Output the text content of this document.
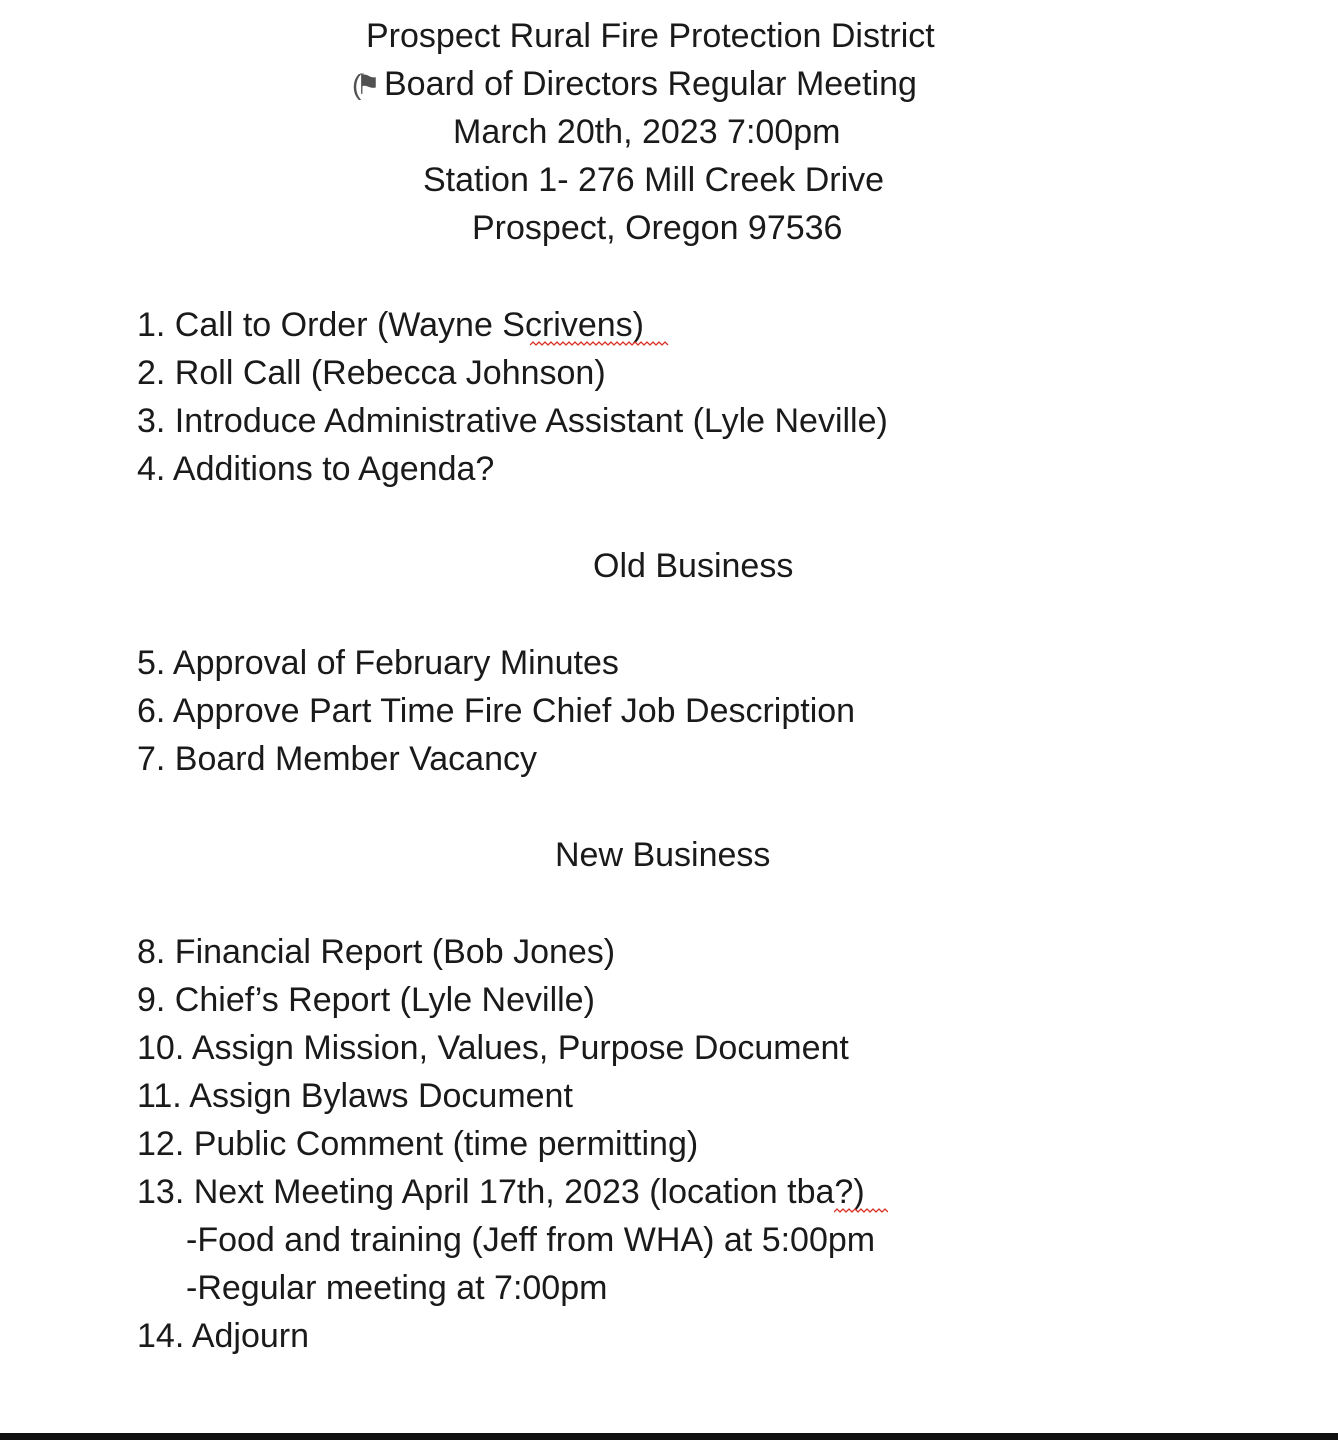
Prospect Rural Fire Protection District
(⚑ Board of Directors Regular Meeting
March 20th, 2023 7:00pm
Station 1- 276 Mill Creek Drive
Prospect, Oregon 97536
1. Call to Order (Wayne Scrivens)
2. Roll Call (Rebecca Johnson)
3. Introduce Administrative Assistant (Lyle Neville)
4. Additions to Agenda?
Old Business
5. Approval of February Minutes
6. Approve Part Time Fire Chief Job Description
7. Board Member Vacancy
New Business
8. Financial Report (Bob Jones)
9. Chief’s Report (Lyle Neville)
10. Assign Mission, Values, Purpose Document
11. Assign Bylaws Document
12. Public Comment (time permitting)
13. Next Meeting April 17th, 2023 (location tba?)
-Food and training (Jeff from WHA) at 5:00pm
-Regular meeting at 7:00pm
14. Adjourn
